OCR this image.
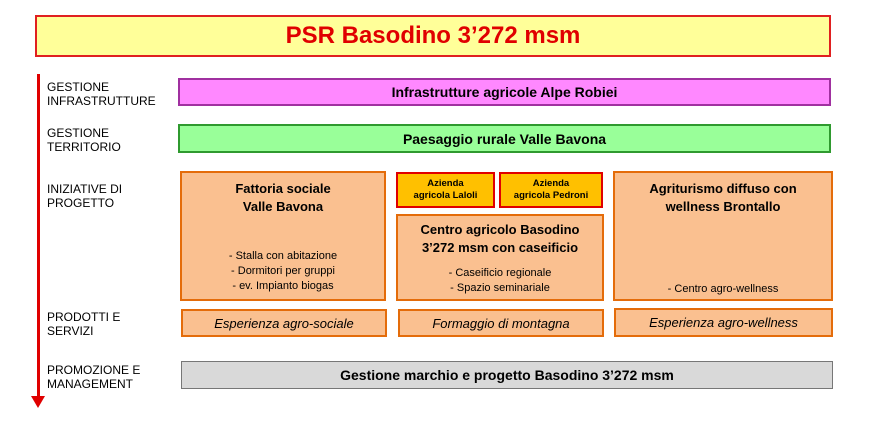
PSR Basodino 3’272 msm
GESTIONE
INFRASTRUTTURE
GESTIONE
TERRITORIO
INIZIATIVE DI
PROGETTO
PRODOTTI E
SERVIZI
PROMOZIONE E
MANAGEMENT
Infrastrutture agricole Alpe Robiei
Paesaggio rurale Valle Bavona
Fattoria sociale
Valle Bavona
- Stalla con abitazione
- Dormitori per gruppi
- ev. Impianto biogas
Azienda
agricola Laloli
Azienda
agricola Pedroni
Centro agricolo Basodino
3’272 msm con caseificio
- Caseificio regionale
- Spazio seminariale
Agriturismo diffuso con
wellness Brontallo
- Centro agro-wellness
Esperienza agro-sociale	Formaggio di montagna	Esperienza agro-wellness
Gestione marchio e progetto Basodino 3’272 msm
